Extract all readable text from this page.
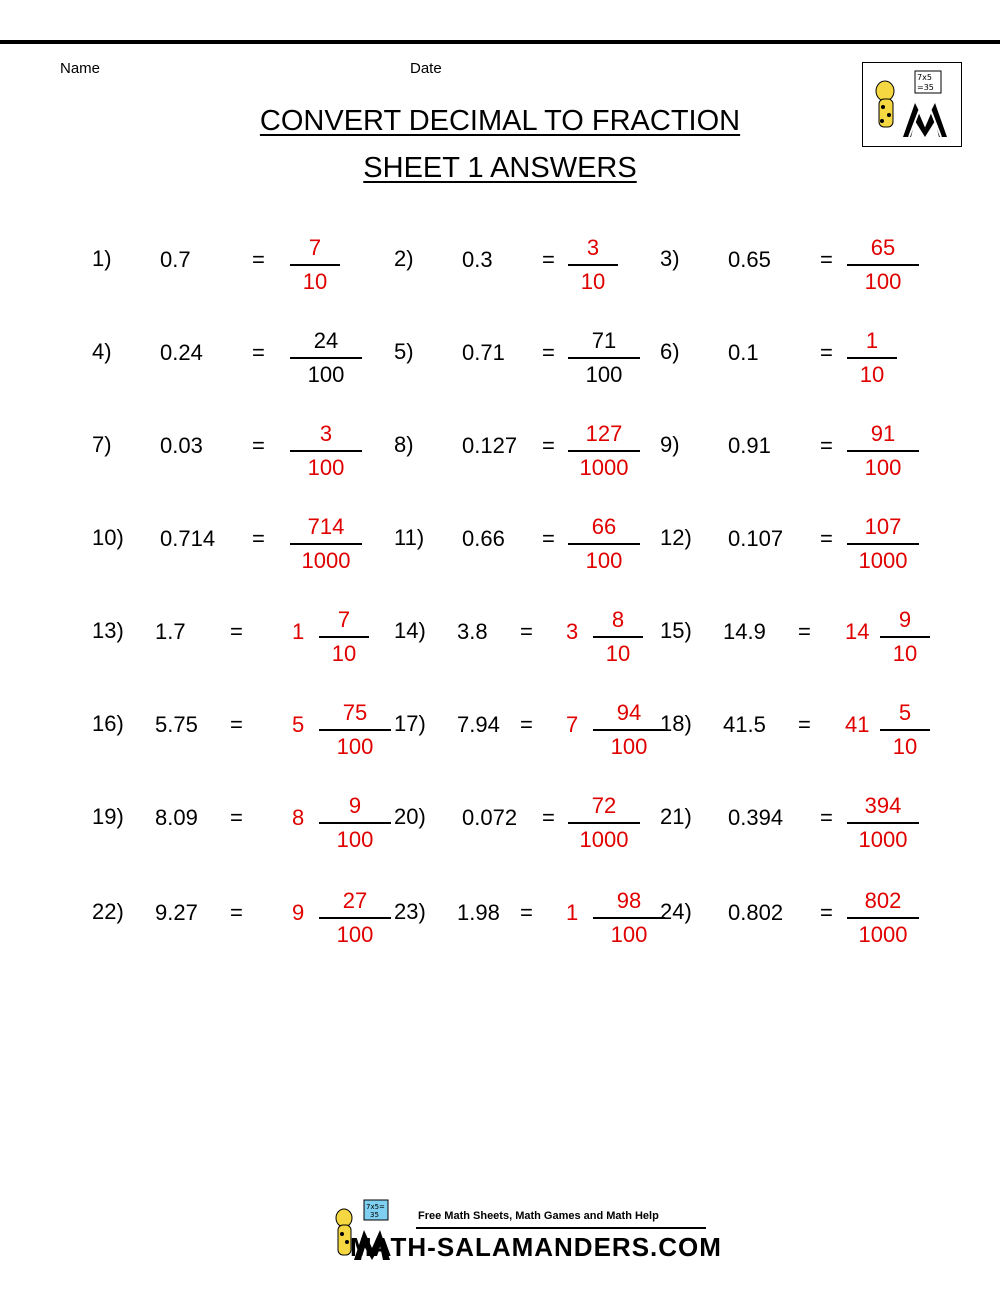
Name	Date
CONVERT DECIMAL TO FRACTION
SHEET 1 ANSWERS
7x5
=35
1) 0.7	=	7
10
2) 0.3 =	3
10
3) 0.65 =	65
100
4) 0.24 =	24
100
5) 0.71 =	71
100
6) 0.1	=	1
10
7) 0.03 =	3
100
8) 0.127 =	127
1000
9) 0.91 =	91
100
10) 0.714 =	714
1000
11) 0.66 =	66
100
12) 0.107 =	107
1000
13) 1.7 = 1	7
10
14) 3.8 = 3	8
10
15) 14.9 = 14	9
10
16) 5.75 = 5	75
100
17) 7.94 = 7	94
100
18) 41.5 = 41	5
10
19) 8.09 = 8	9
100
20) 0.072 =	72
1000
21) 0.394 =	394
1000
22) 9.27 = 9	27
100
23) 1.98 = 1	98
100
24) 0.802 =	802
1000
Free Math Sheets, Math Games and Math Help
7x5=
35
MATH-SALAMANDERS.COM
